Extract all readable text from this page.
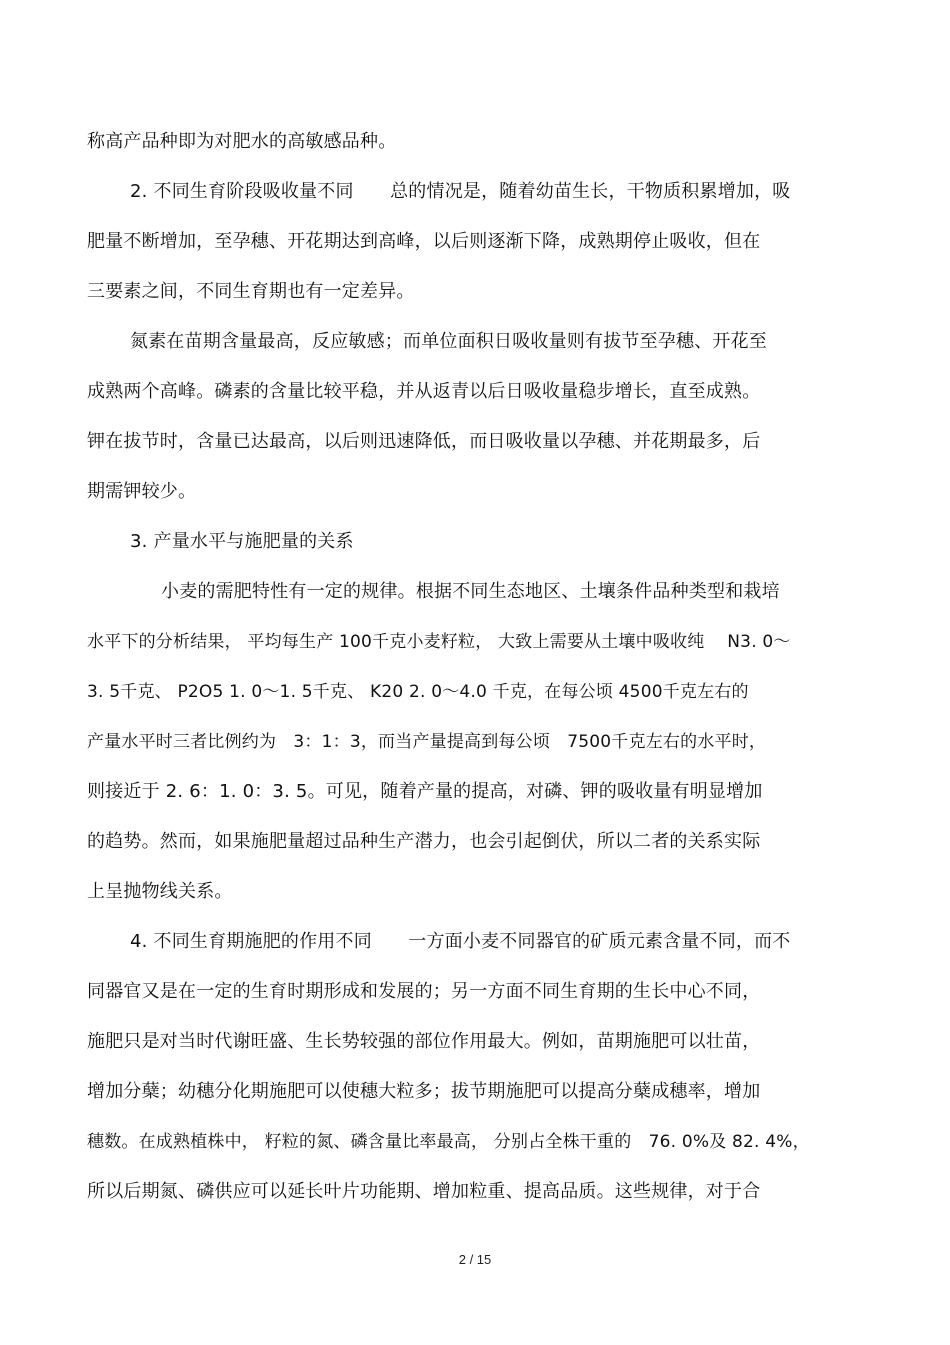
称高产品种即为对肥水的高敏感品种。
2. 不同生育阶段吸收量不同　　总的情况是，随着幼苗生长，干物质积累增加，吸
肥量不断增加，至孕穗、开花期达到高峰，以后则逐渐下降，成熟期停止吸收，但在
三要素之间，不同生育期也有一定差异。
氮素在苗期含量最高，反应敏感；而单位面积日吸收量则有拔节至孕穗、开花至
成熟两个高峰。磷素的含量比较平稳，并从返青以后日吸收量稳步增长，直至成熟。
钾在拔节时，含量已达最高，以后则迅速降低，而日吸收量以孕穗、并花期最多，后
期需钾较少。
3. 产量水平与施肥量的关系
小麦的需肥特性有一定的规律。根据不同生态地区、土壤条件品种类型和栽培
水平下的分析结果， 平均每生产 100千克小麦籽粒， 大致上需要从土壤中吸收纯　 N3. 0～
3. 5千克、 P2O5 1. 0～1. 5千克、 K20 2. 0～4.0 千克，在每公顷 4500千克左右的
产量水平时三者比例约为　3：1：3，而当产量提高到每公顷　7500千克左右的水平时，
则接近于 2. 6：1. 0：3. 5。可见，随着产量的提高，对磷、钾的吸收量有明显增加
的趋势。然而，如果施肥量超过品种生产潜力，也会引起倒伏，所以二者的关系实际
上呈抛物线关系。
4. 不同生育期施肥的作用不同　　一方面小麦不同器官的矿质元素含量不同，而不
同器官又是在一定的生育时期形成和发展的；另一方面不同生育期的生长中心不同，
施肥只是对当时代谢旺盛、生长势较强的部位作用最大。例如，苗期施肥可以壮苗，
增加分蘖；幼穗分化期施肥可以使穗大粒多；拔节期施肥可以提高分蘖成穗率，增加
穗数。在成熟植株中， 籽粒的氮、磷含量比率最高， 分别占全株干重的　76. 0%及 82. 4%，
所以后期氮、磷供应可以延长叶片功能期、增加粒重、提高品质。这些规律，对于合
2 / 15
